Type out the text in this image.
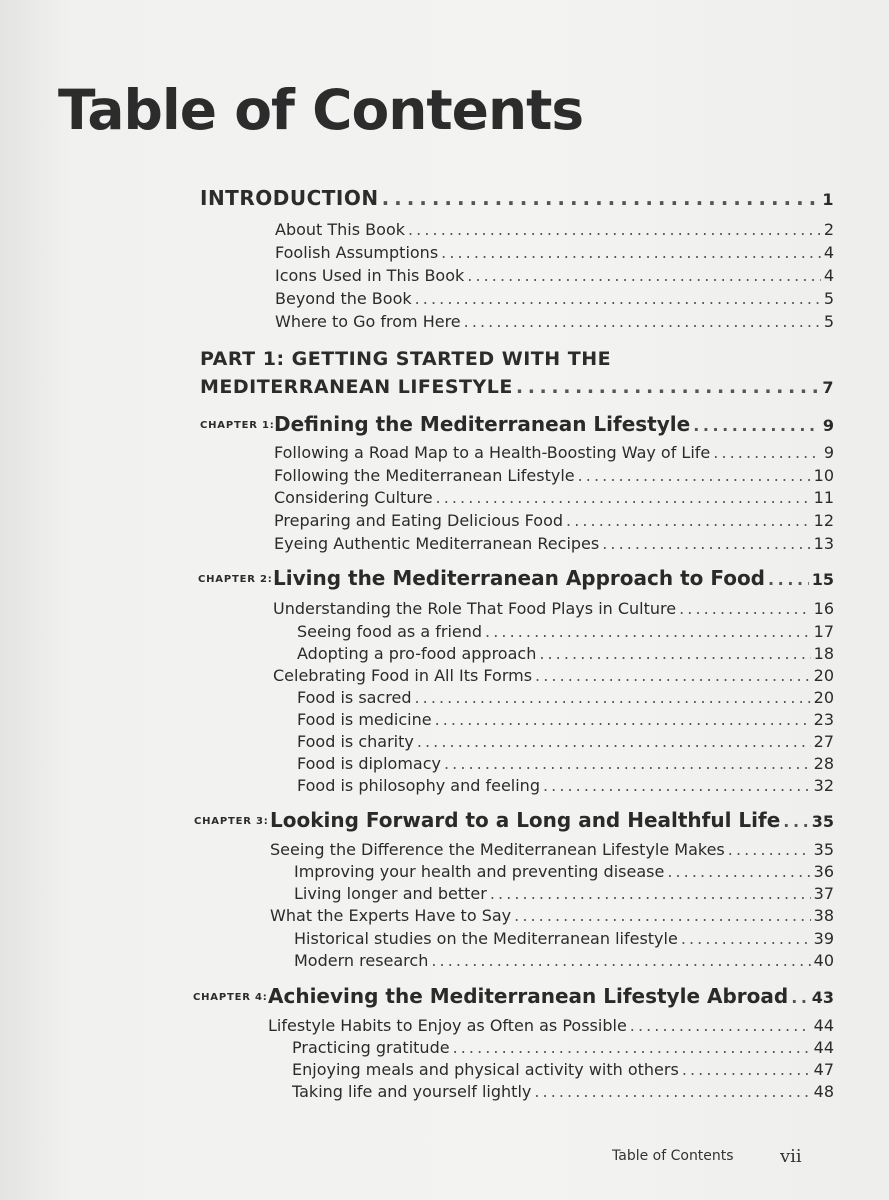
Table of Contents
INTRODUCTION . . .	1
About This Book . . .	2
Foolish Assumptions . . .	4
Icons Used in This Book . . .	4
Beyond the Book . . .	5
Where to Go from Here . . .	5
PART 1: GETTING STARTED WITH THE
MEDITERRANEAN LIFESTYLE . . .	7
CHAPTER 1: Defining the Mediterranean Lifestyle . . .	9
Following a Road Map to a Health-Boosting Way of Life . . .	9
Following the Mediterranean Lifestyle . . .	10
Considering Culture . . .	11
Preparing and Eating Delicious Food . . .	12
Eyeing Authentic Mediterranean Recipes . . .	13
CHAPTER 2: Living the Mediterranean Approach to Food . . .	15
Understanding the Role That Food Plays in Culture . . .	16
Seeing food as a friend . . .	17
Adopting a pro-food approach . . .	18
Celebrating Food in All Its Forms . . .	20
Food is sacred . . .	20
Food is medicine . . .	23
Food is charity . . .	27
Food is diplomacy . . .	28
Food is philosophy and feeling . . .	32
CHAPTER 3: Looking Forward to a Long and Healthful Life . . . 35
Seeing the Difference the Mediterranean Lifestyle Makes . . .	35
Improving your health and preventing disease . . .	36
Living longer and better . . .	37
What the Experts Have to Say . . .	38
Historical studies on the Mediterranean lifestyle . . .	39
Modern research . . .	40
CHAPTER 4: Achieving the Mediterranean Lifestyle Abroad . . . 43
Lifestyle Habits to Enjoy as Often as Possible . . .	44
Practicing gratitude . . .	44
Enjoying meals and physical activity with others . . .	47
Taking life and yourself lightly . . .	48
Table of Contents	vii
